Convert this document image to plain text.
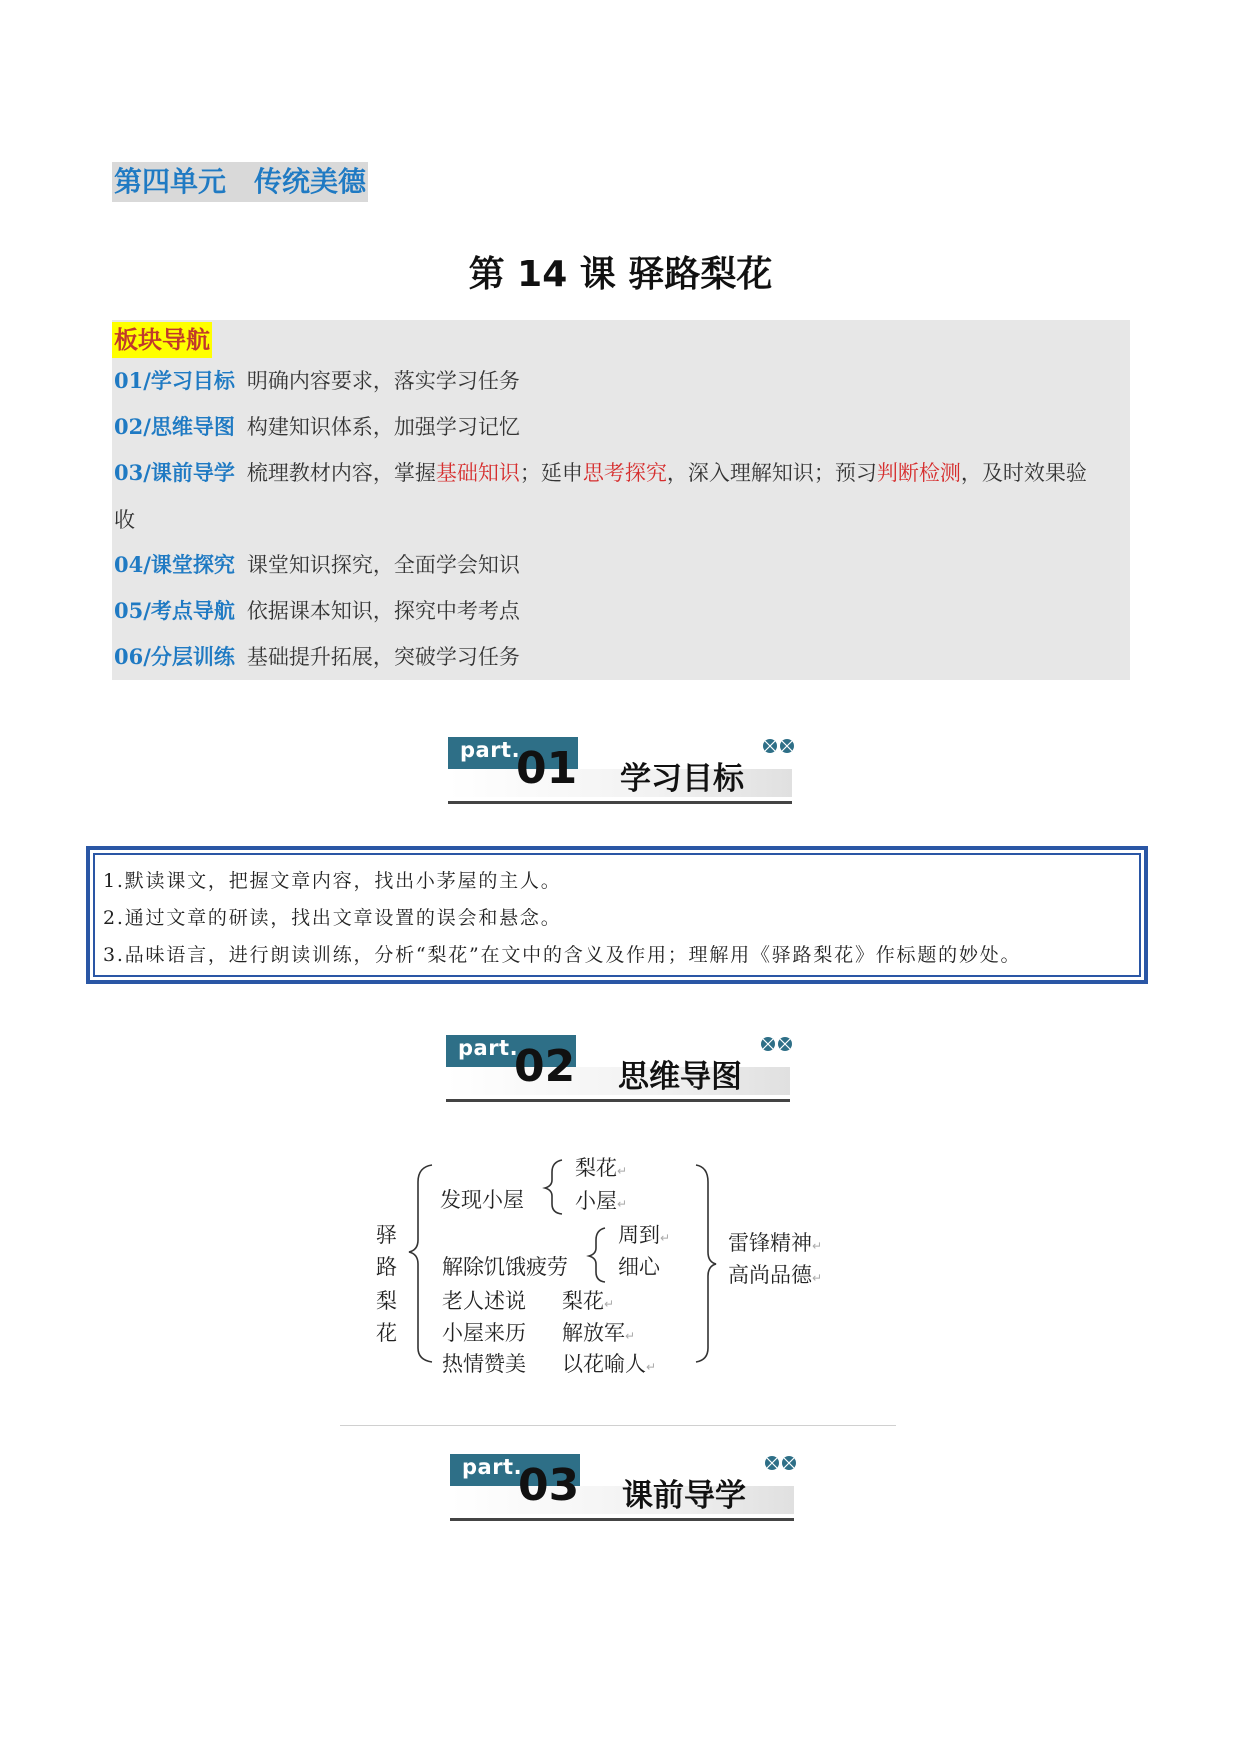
第四单元　传统美德
第 14 课 驿路梨花
板块导航
01/学习目标 明确内容要求，落实学习任务
02/思维导图 构建知识体系，加强学习记忆
03/课前导学 梳理教材内容，掌握基础知识；延申思考探究，深入理解知识；预习判断检测，及时效果验
收
04/课堂探究 课堂知识探究，全面学会知识
05/考点导航 依据课本知识，探究中考考点
06/分层训练 基础提升拓展，突破学习任务
part.
01 学习目标
1.默读课文，把握文章内容，找出小茅屋的主人。
2.通过文章的研读，找出文章设置的误会和悬念。
3.品味语言，进行朗读训练，分析“梨花”在文中的含义及作用；理解用《驿路梨花》作标题的妙处。
part.
02 思维导图
驿
路
梨
花
发现小屋
梨花↵
小屋↵
解除饥饿疲劳
周到↵
细心
老人述说 梨花↵
小屋来历 解放军↵
热情赞美 以花喻人↵
雷锋精神↵
高尚品德↵
part.
03 课前导学
